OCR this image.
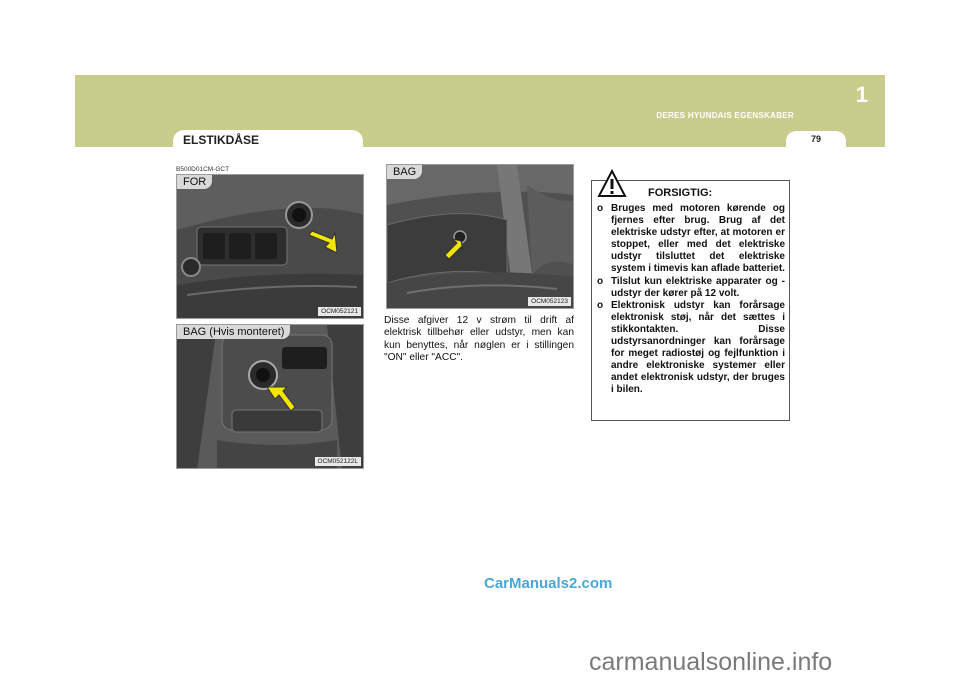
1
DERES HYUNDAIS EGENSKABER
79
ELSTIKDÅSE
B500D01CM-GCT
FOR
OCM052121
BAG (Hvis monteret)
OCM052122L
BAG
OCM052123

Disse afgiver 12 v strøm til drift af elektrisk tillbehør eller udstyr, men kan kun benyttes, når nøglen er i stillingen "ON" eller "ACC".

FORSIGTIG:
o Bruges med motoren kørende og fjernes efter brug. Brug af det elektriske udstyr efter, at motoren er stoppet, eller med det elektriske udstyr tilsluttet det elektriske system i timevis kan aflade batteriet.
o Tilslut kun elektriske apparater og -udstyr der kører på 12 volt.
o Elektronisk udstyr kan forårsage elektronisk støj, når det sættes i stikkontakten. Disse udstyrsanordninger kan forårsage for meget radiostøj og fejlfunktion i andre elektroniske systemer eller andet elektronisk udstyr, der bruges i bilen.
CarManuals2.com
carmanualsonline.info
